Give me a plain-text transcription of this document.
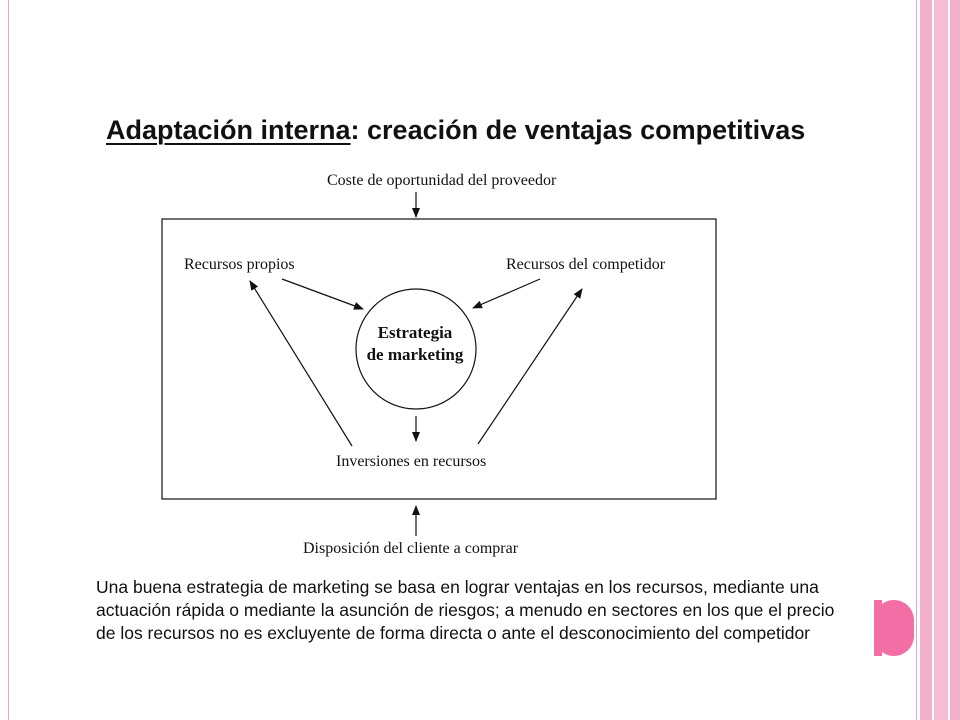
Adaptación interna: creación de ventajas competitivas
Coste de oportunidad del proveedor
Recursos propios	Recursos del competidor
Estrategia
de marketing
Inversiones en recursos
Disposición del cliente a comprar
Una buena estrategia de marketing se basa en lograr ventajas en los recursos, mediante una
actuación rápida o mediante la asunción de riesgos; a menudo en sectores en los que el precio
de los recursos no es excluyente de forma directa o ante el desconocimiento del competidor
